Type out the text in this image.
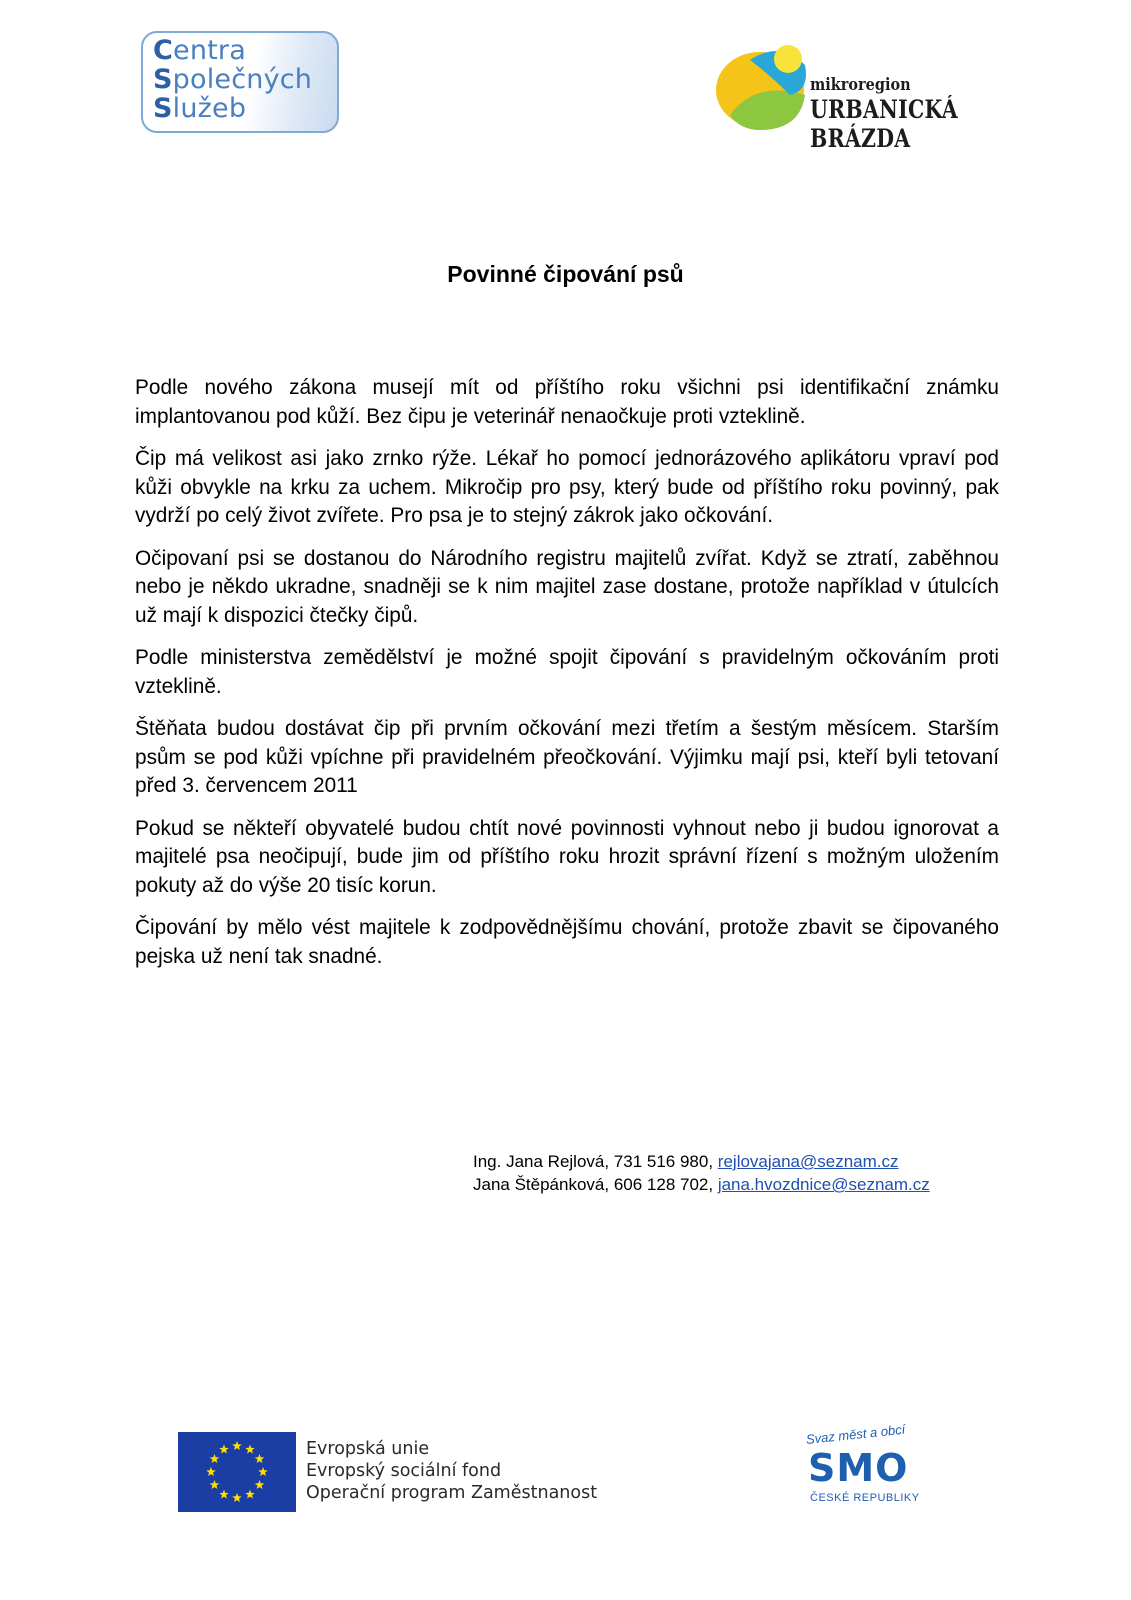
Centra
Společných
Služeb
mikroregion
URBANICKÁ BRÁZDA
Povinné čipování psů

Podle nového zákona musejí mít od příštího roku všichni psi identifikační známku implantovanou pod kůží. Bez čipu je veterinář nenaočkuje proti vzteklině.

Čip má velikost asi jako zrnko rýže. Lékař ho pomocí jednorázového aplikátoru vpraví pod kůži obvykle na krku za uchem. Mikročip pro psy, který bude od příštího roku povinný, pak vydrží po celý život zvířete. Pro psa je to stejný zákrok jako očkování.

Očipovaní psi se dostanou do Národního registru majitelů zvířat. Když se ztratí, zaběhnou nebo je někdo ukradne, snadněji se k nim majitel zase dostane, protože například v útulcích už mají k dispozici čtečky čipů.

Podle ministerstva zemědělství je možné spojit čipování s pravidelným očkováním proti vzteklině.

Štěňata budou dostávat čip při prvním očkování mezi třetím a šestým měsícem. Starším psům se pod kůži vpíchne při pravidelném přeočkování. Výjimku mají psi, kteří byli tetovaní před 3. červencem 2011

Pokud se někteří obyvatelé budou chtít nové povinnosti vyhnout nebo ji budou ignorovat a majitelé psa neočipují, bude jim od příštího roku hrozit správní řízení s možným uložením pokuty až do výše 20 tisíc korun.

Čipování by mělo vést majitele k zodpovědnějšímu chování, protože zbavit se čipovaného pejska už není tak snadné.

Ing. Jana Rejlová, 731 516 980, rejlovajana@seznam.cz
Jana Štěpánková, 606 128 702, jana.hvozdnice@seznam.cz
Evropská unie
Evropský sociální fond
Operační program Zaměstnanost
Svaz měst a obcí
SMO
ČESKÉ REPUBLIKY
